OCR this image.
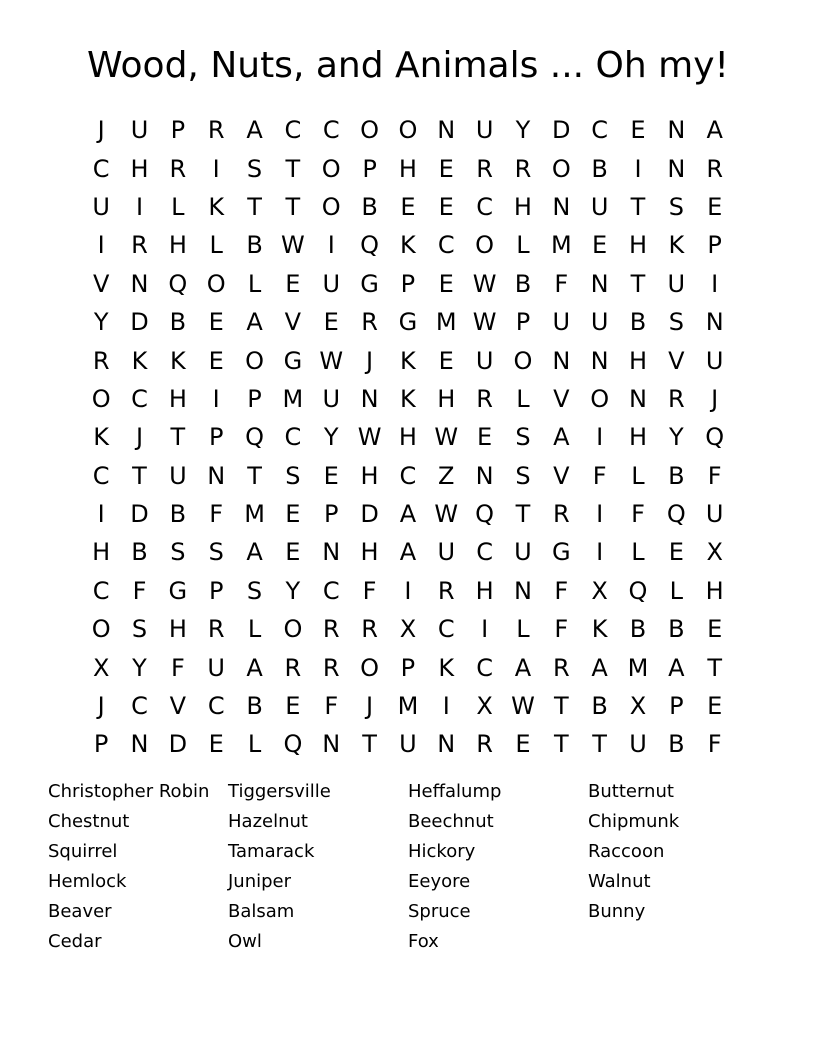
Wood, Nuts, and Animals ... Oh my!
J	U P R A C C O O N U Y D C E N A
C H R	I	S T O P H E R R O B	I	N R
U	I	L K T T O B E E C H N U T S E
I	R H L B W I	Q K C O L M E H K P
V N Q O L	E U G P E W B F N T U	I
Y D B E A V E R G M W P U U B S N
R K K E O G W J	K E U O N N H V U
O C H	I	P M U N K H R L V O N R	J
K	J	T P Q C Y W H W E S A	I	H Y Q
C T U N T S E H C Z N S V F	L B F
I	D B F M E P D A W Q T R	I	F Q U
H B S S A E N H A U C U G	I	L	E X
C F G P S Y C F	I	R H N F X Q L H
O S H R L O R R X C	I	L	F K B B E
X Y	F U A R R O P K C A R A M A T
J	C V C B E F	J	M	I	X W T B X P E
P N D E	L Q N T U N R E T T U B F
Christopher Robin
Chestnut
Squirrel
Hemlock
Beaver
Cedar
Tiggersville
Hazelnut
Tamarack
Juniper
Balsam
Owl
Heffalump
Beechnut
Hickory
Eeyore
Spruce
Fox
Butternut
Chipmunk
Raccoon
Walnut
Bunny
